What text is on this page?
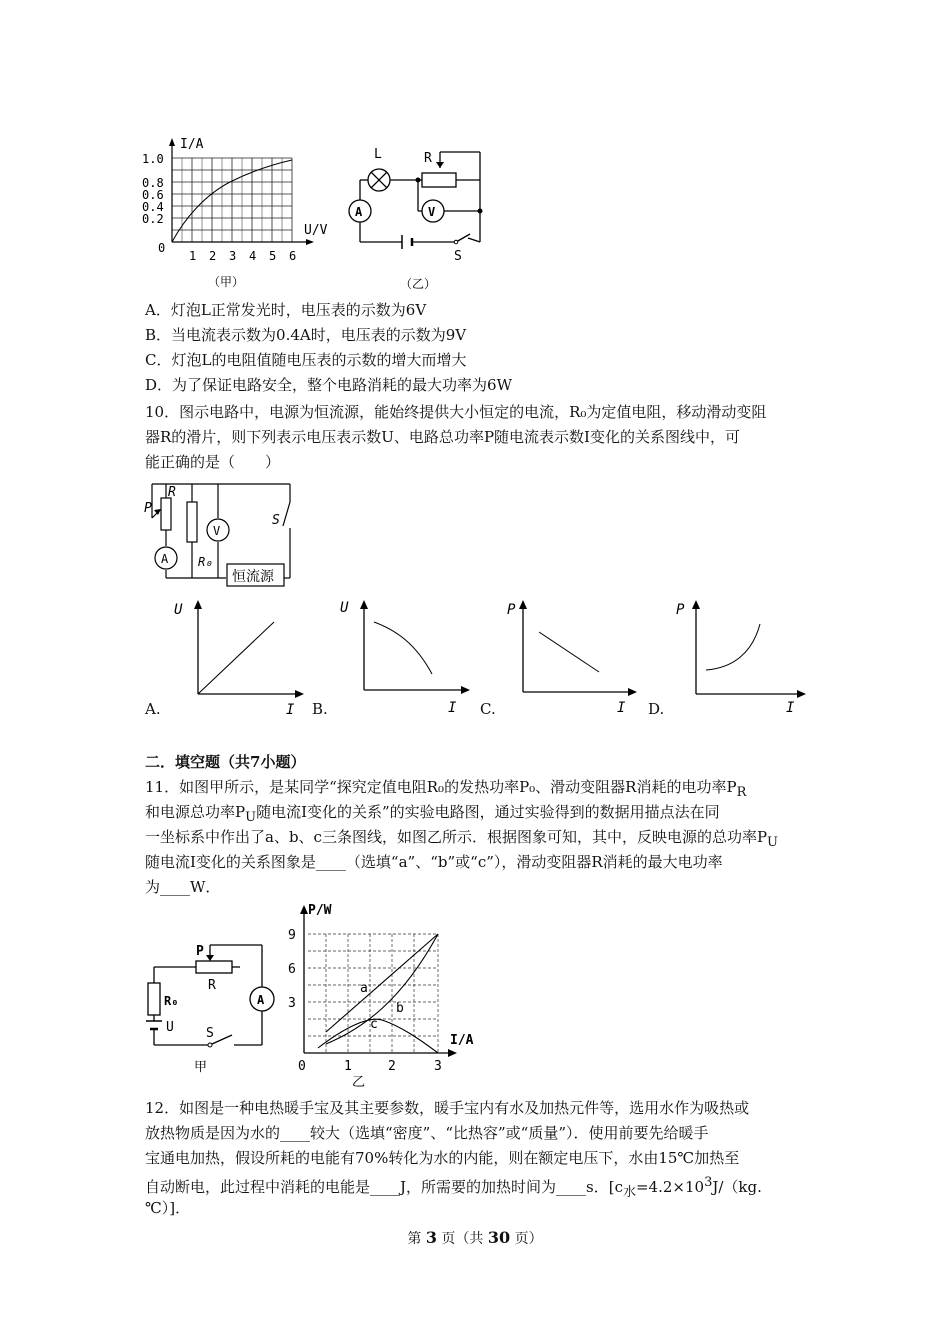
I/A
U/V
1.0
0.8
0.6
0.4
0.2
0
1 2 3 4 5 6
（甲）
L	R
A	V
S
（乙）
A．灯泡L正常发光时，电压表的示数为6V
B．当电流表示数为0.4A时，电压表的示数为9V
C．灯泡L的电阻值随电压表的示数的增大而增大
D．为了保证电路安全，整个电路消耗的最大功率为6W
10．图示电路中，电源为恒流源，能始终提供大小恒定的电流，R₀为定值电阻，移动滑动变阻
器R的滑片，则下列表示电压表示数U、电路总功率P随电流表示数I变化的关系图线中，可
能正确的是（　　）
P
R
A
V
R₀
S
恒流源
U
I
A.
U
I
B.
P
I
C.
P
I
D.
二．填空题（共7小题）
11．如图甲所示，是某同学“探究定值电阻R₀的发热功率P₀、滑动变阻器R消耗的电功率$P_R$
和电源总功率$P_U$随电流I变化的关系”的实验电路图，通过实验得到的数据用描点法在同
一坐标系中作出了a、b、c三条图线，如图乙所示．根据图象可知，其中，反映电源的总功率$P_U$
随电流I变化的关系图象是____（选填“a”、“b”或“c”），滑动变阻器R消耗的最大电功率
为____W．
P
R
R₀
U S
A
甲
P/W
I/A
9
6
3
0	1	2	3
a
b
c
乙
12．如图是一种电热暖手宝及其主要参数，暖手宝内有水及加热元件等，选用水作为吸热或
放热物质是因为水的____较大（选填“密度”、“比热容”或“质量”）．使用前要先给暖手
宝通电加热，假设所耗的电能有70%转化为水的内能，则在额定电压下，水由15℃加热至
自动断电，此过程中消耗的电能是____J，所需要的加热时间为____s．[$c_水=4.2\times 10^3J/(kg$.
℃）]．
第 3 页（共 30 页）
